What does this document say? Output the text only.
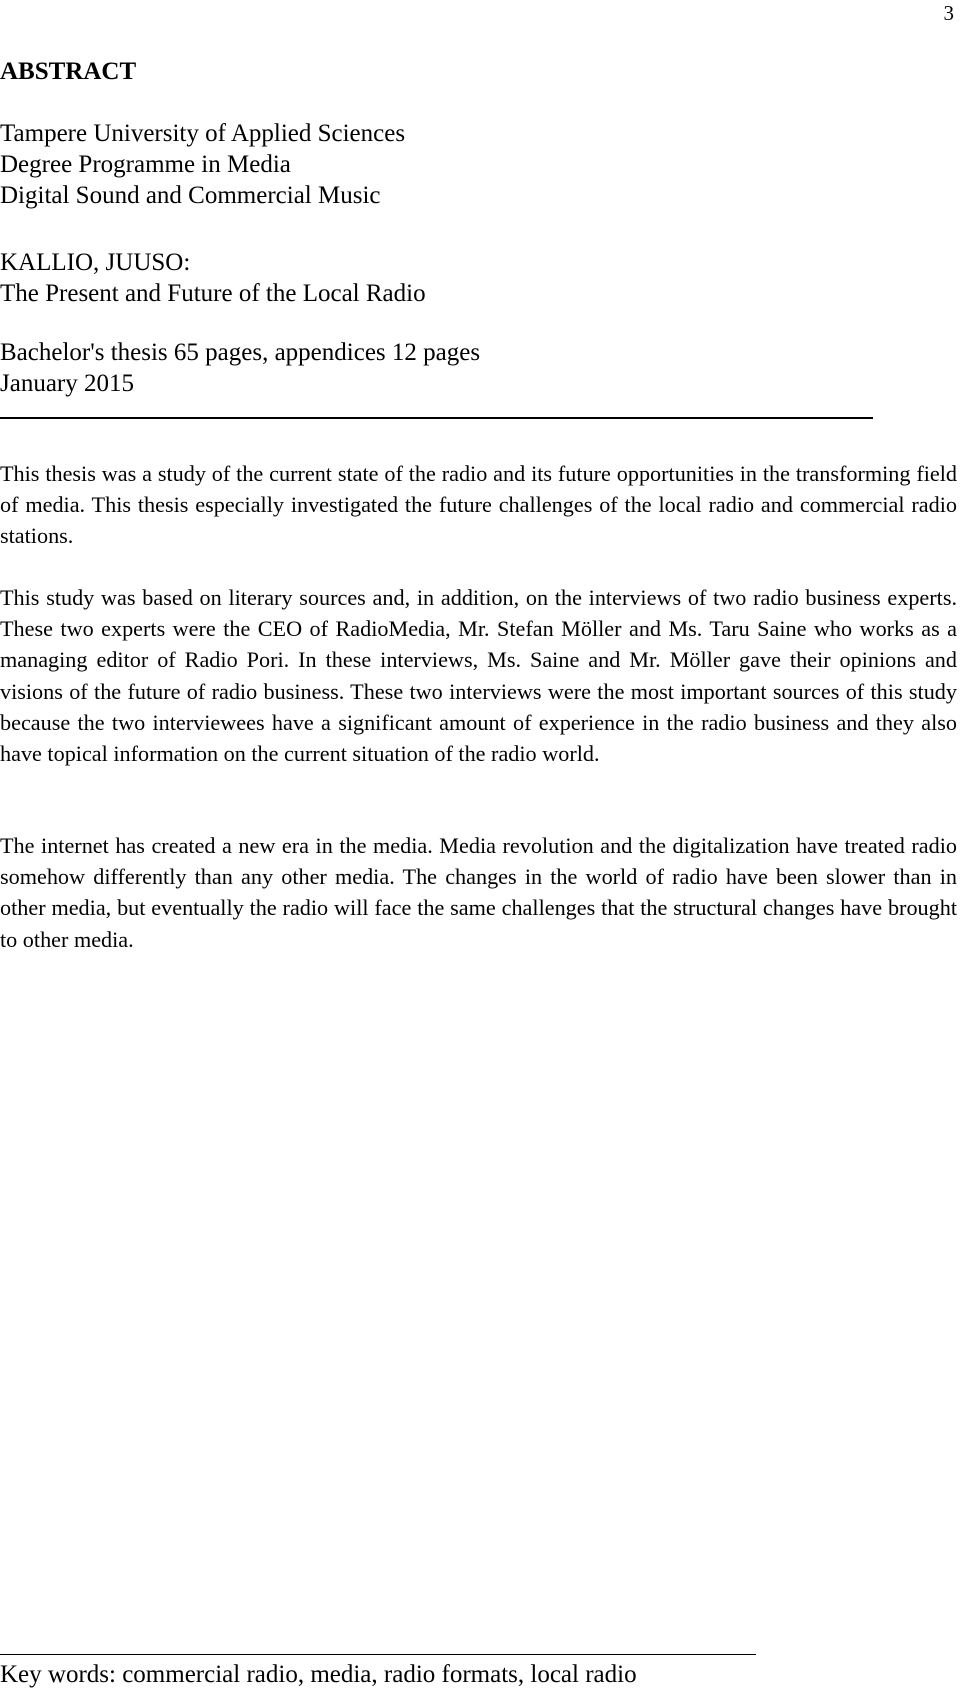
3
ABSTRACT
Tampere University of Applied Sciences
Degree Programme in Media
Digital Sound and Commercial Music
KALLIO, JUUSO:
The Present and Future of the Local Radio
Bachelor's thesis 65 pages, appendices 12 pages
January 2015

This thesis was a study of the current state of the radio and its future opportunities in the transforming field of media. This thesis especially investigated the future challenges of the local radio and commercial radio stations.

This study was based on literary sources and, in addition, on the interviews of two radio business experts. These two experts were the CEO of RadioMedia, Mr. Stefan Möller and Ms. Taru Saine who works as a managing editor of Radio Pori. In these interviews, Ms. Saine and Mr. Möller gave their opinions and visions of the future of radio business. These two interviews were the most important sources of this study because the two interviewees have a significant amount of experience in the radio business and they also have topical information on the current situation of the radio world.

The internet has created a new era in the media. Media revolution and the digitalization have treated radio somehow differently than any other media. The changes in the world of radio have been slower than in other media, but eventually the radio will face the same challenges that the structural changes have brought to other media.

Key words: commercial radio, media, radio formats, local radio
